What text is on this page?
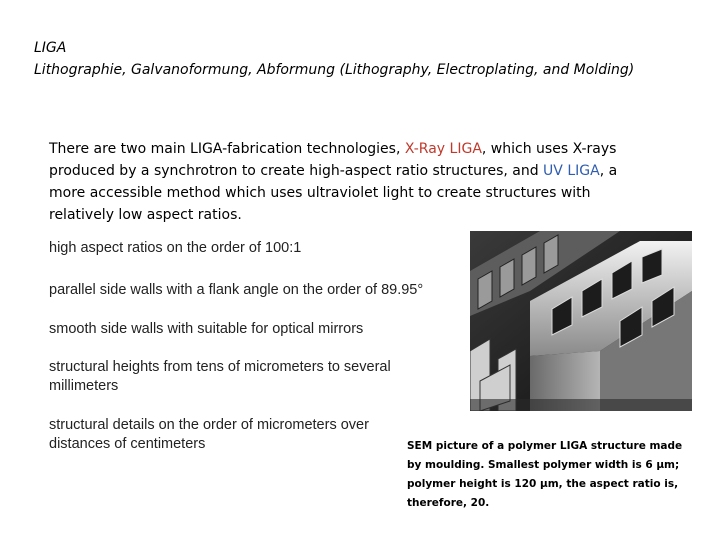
LIGA
Lithographie, Galvanoformung, Abformung (Lithography, Electroplating, and Molding)
There are two main LIGA-fabrication technologies, X-Ray LIGA, which uses X-rays produced by a synchrotron to create high-aspect ratio structures, and UV LIGA, a more accessible method which uses ultraviolet light to create structures with relatively low aspect ratios.
high aspect ratios on the order of 100:1
parallel side walls with a flank angle on the order of 89.95°
smooth side walls with suitable for optical mirrors
structural heights from tens of micrometers to several millimeters
structural details on the order of micrometers over distances of centimeters	SEM picture of a polymer LIGA structure made by moulding. Smallest polymer width is 6 µm; polymer height is 120 µm, the aspect ratio is, therefore, 20.
